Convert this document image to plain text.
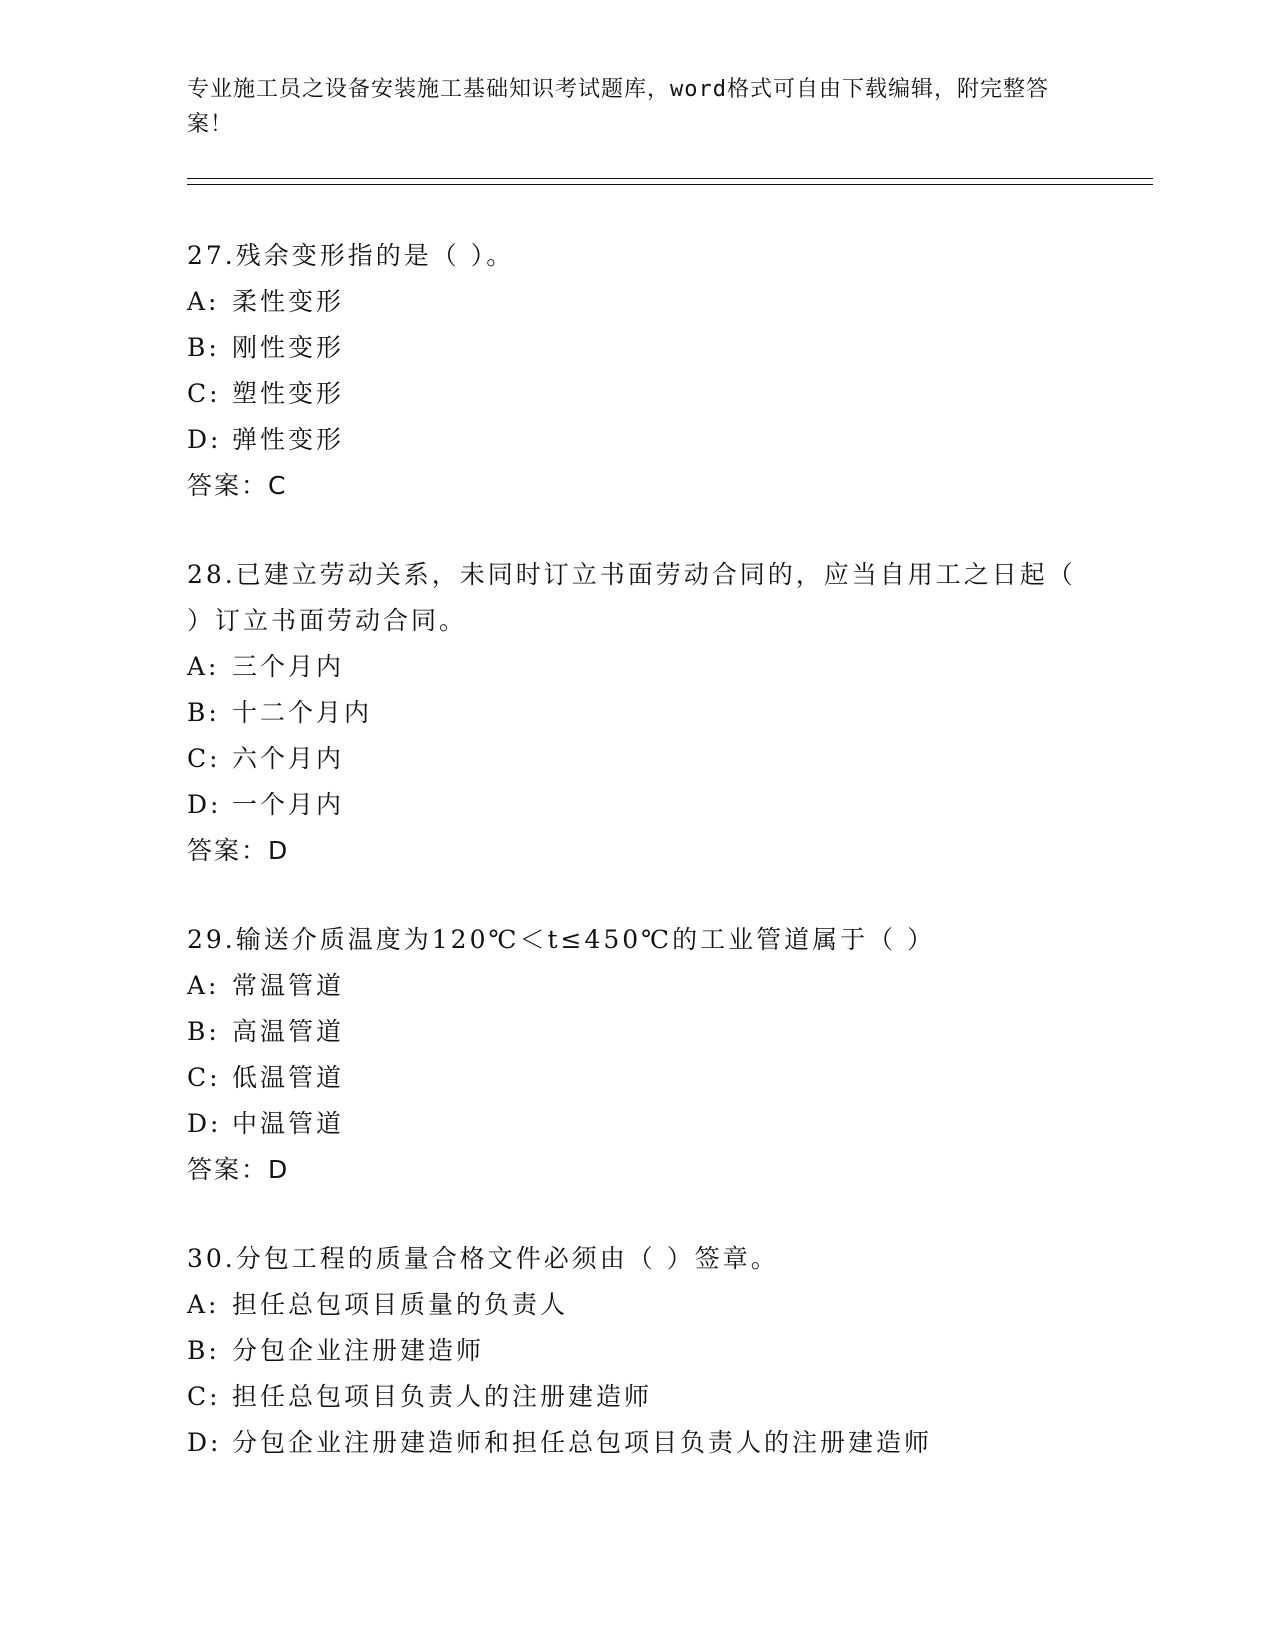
专业施工员之设备安装施工基础知识考试题库，word格式可自由下载编辑，附完整答案！
27.残余变形指的是（ ）。
A: 柔性变形
B: 刚性变形
C: 塑性变形
D: 弹性变形
答案：C
28.已建立劳动关系，未同时订立书面劳动合同的，应当自用工之日起（ ）订立书面劳动合同。
A: 三个月内
B: 十二个月内
C: 六个月内
D: 一个月内
答案：D
29.输送介质温度为120℃＜t≤450℃的工业管道属于（ ）
A: 常温管道
B: 高温管道
C: 低温管道
D: 中温管道
答案：D
30.分包工程的质量合格文件必须由（ ）签章。
A: 担任总包项目质量的负责人
B: 分包企业注册建造师
C: 担任总包项目负责人的注册建造师
D: 分包企业注册建造师和担任总包项目负责人的注册建造师
